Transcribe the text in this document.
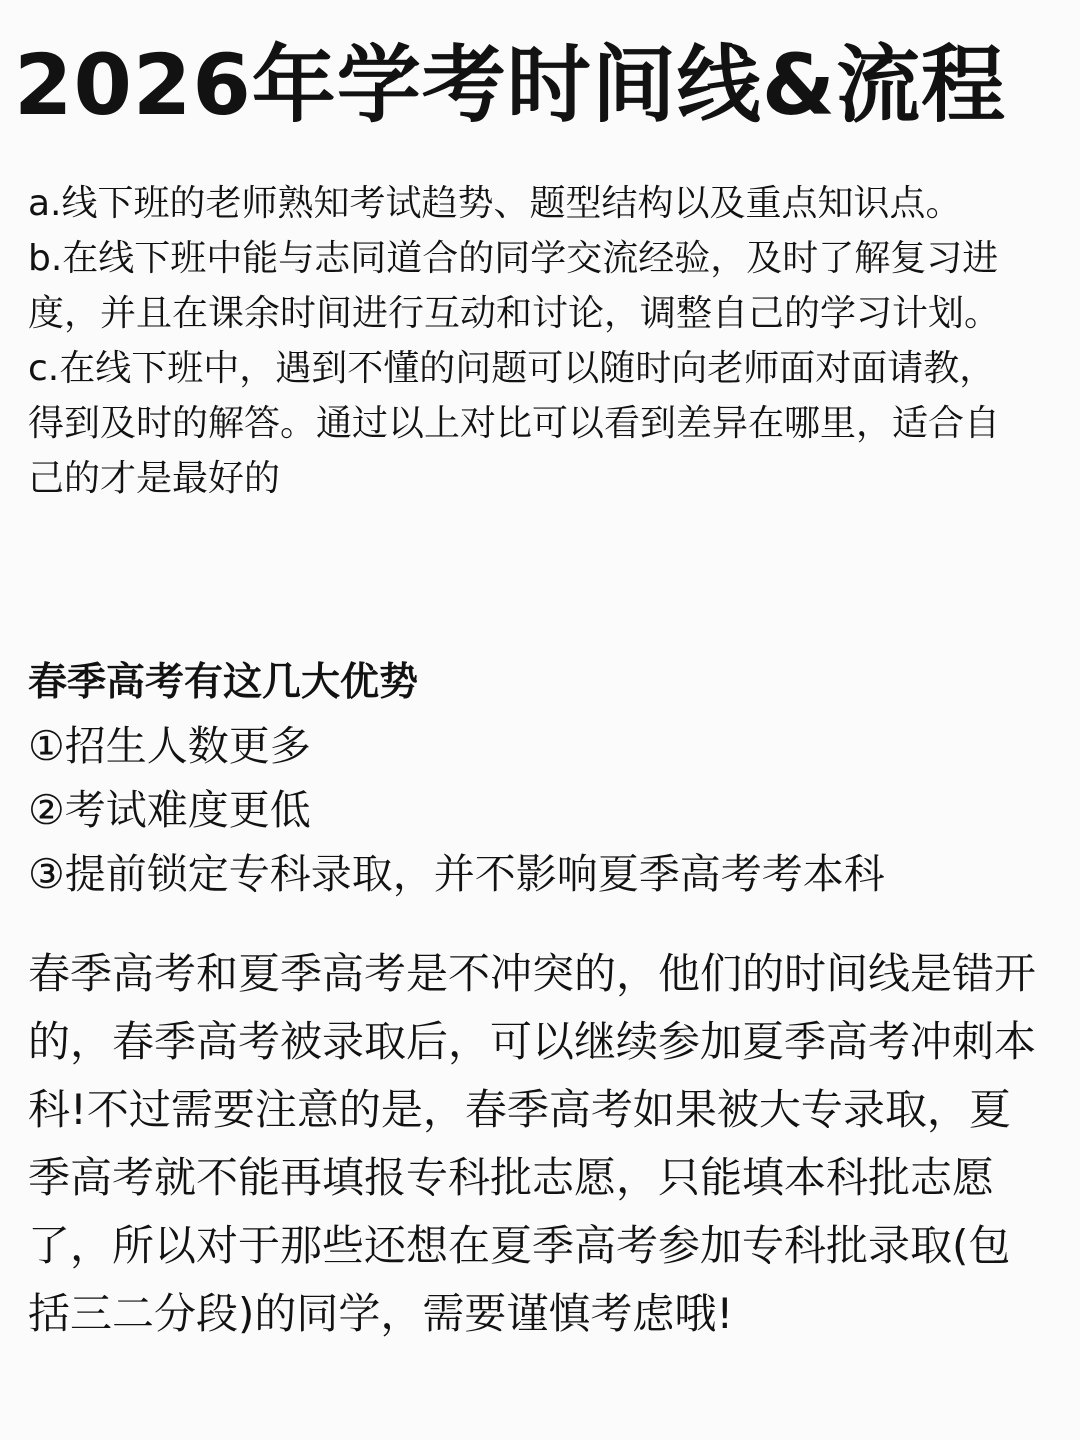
2026年学考时间线&流程

a.线下班的老师熟知考试趋势、题型结构以及重点知识点。

b.在线下班中能与志同道合的同学交流经验，及时了解复习进度，并且在课余时间进行互动和讨论，调整自己的学习计划。

c.在线下班中，遇到不懂的问题可以随时向老师面对面请教，得到及时的解答。通过以上对比可以看到差异在哪里，适合自己的才是最好的

春季高考有这几大优势

①招生人数更多

②考试难度更低

③提前锁定专科录取，并不影响夏季高考考本科

春季高考和夏季高考是不冲突的，他们的时间线是错开的，春季高考被录取后，可以继续参加夏季高考冲刺本科!不过需要注意的是，春季高考如果被大专录取，夏季高考就不能再填报专科批志愿，只能填本科批志愿了，所以对于那些还想在夏季高考参加专科批录取(包括三二分段)的同学，需要谨慎考虑哦!
